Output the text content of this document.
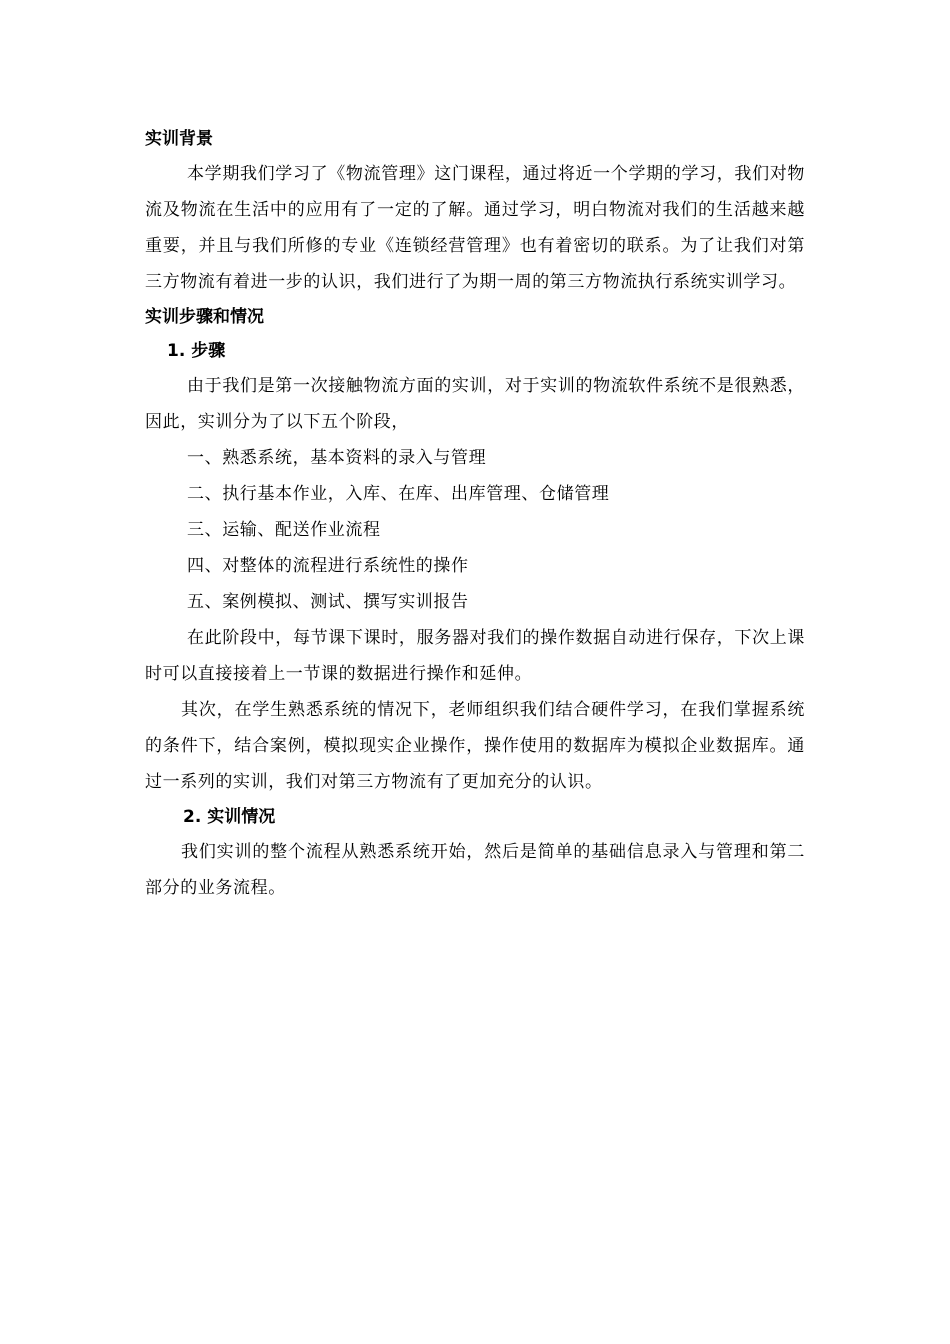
实训背景

本学期我们学习了《物流管理》这门课程，通过将近一个学期的学习，我们对物流及物流在生活中的应用有了一定的了解。通过学习，明白物流对我们的生活越来越重要，并且与我们所修的专业《连锁经营管理》也有着密切的联系。为了让我们对第三方物流有着进一步的认识，我们进行了为期一周的第三方物流执行系统实训学习。

实训步骤和情况

1. 步骤

由于我们是第一次接触物流方面的实训，对于实训的物流软件系统不是很熟悉，因此，实训分为了以下五个阶段，

一、熟悉系统，基本资料的录入与管理

二、执行基本作业，入库、在库、出库管理、仓储管理

三、运输、配送作业流程

四、对整体的流程进行系统性的操作

五、案例模拟、测试、撰写实训报告

在此阶段中，每节课下课时，服务器对我们的操作数据自动进行保存，下次上课时可以直接接着上一节课的数据进行操作和延伸。

其次，在学生熟悉系统的情况下，老师组织我们结合硬件学习，在我们掌握系统的条件下，结合案例，模拟现实企业操作，操作使用的数据库为模拟企业数据库。通过一系列的实训，我们对第三方物流有了更加充分的认识。

2. 实训情况

我们实训的整个流程从熟悉系统开始，然后是简单的基础信息录入与管理和第二部分的业务流程。
